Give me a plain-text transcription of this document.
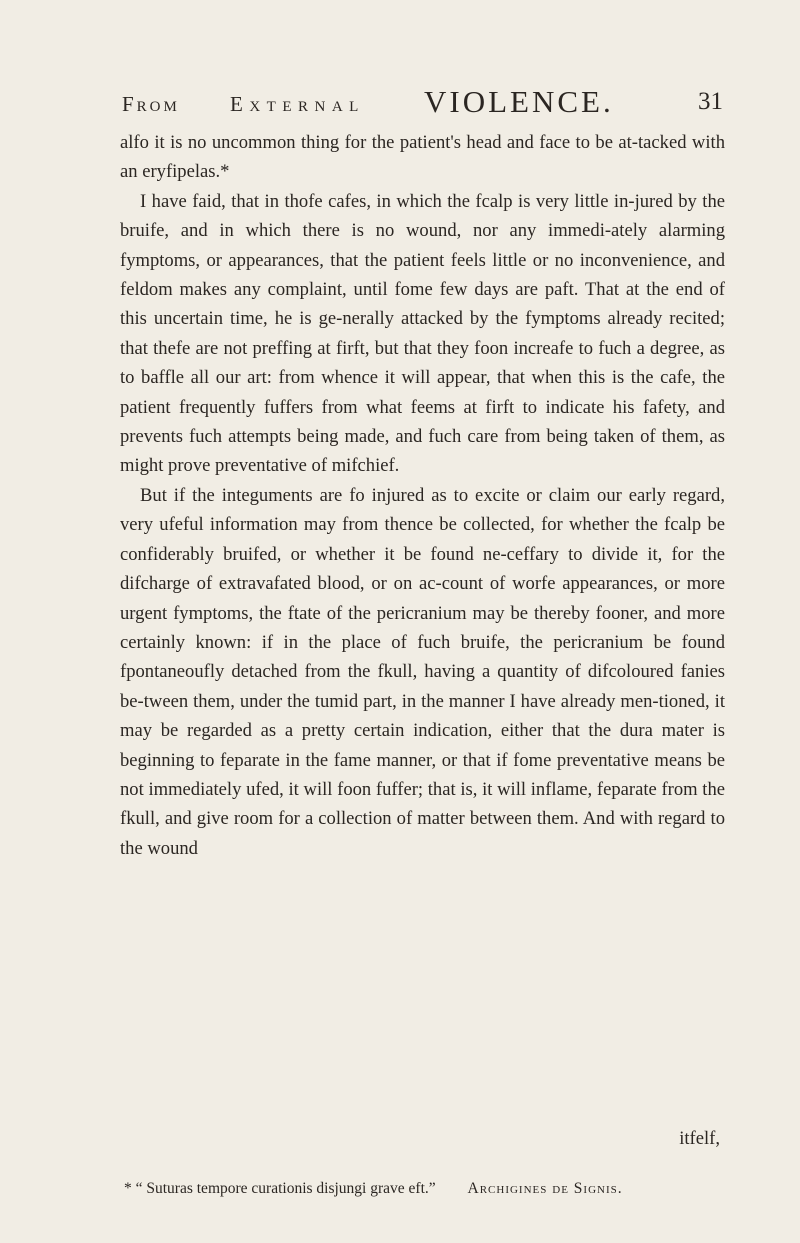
From External VIOLENCE.	31

alfo it is no uncommon thing for the patient's head and face to be at-tacked with an eryfipelas.*

I have faid, that in thofe cafes, in which the fcalp is very little in-jured by the bruife, and in which there is no wound, nor any immedi-ately alarming fymptoms, or appearances, that the patient feels little or no inconvenience, and feldom makes any complaint, until fome few days are paft. That at the end of this uncertain time, he is ge-nerally attacked by the fymptoms already recited; that thefe are not preffing at firft, but that they foon increafe to fuch a degree, as to baffle all our art: from whence it will appear, that when this is the cafe, the patient frequently fuffers from what feems at firft to indicate his fafety, and prevents fuch attempts being made, and fuch care from being taken of them, as might prove preventative of mifchief.

But if the integuments are fo injured as to excite or claim our early regard, very ufeful information may from thence be collected, for whether the fcalp be confiderably bruifed, or whether it be found ne-ceffary to divide it, for the difcharge of extravafated blood, or on ac-count of worfe appearances, or more urgent fymptoms, the ftate of the pericranium may be thereby fooner, and more certainly known: if in the place of fuch bruife, the pericranium be found fpontaneoufly detached from the fkull, having a quantity of difcoloured fanies be-tween them, under the tumid part, in the manner I have already men-tioned, it may be regarded as a pretty certain indication, either that the dura mater is beginning to feparate in the fame manner, or that if fome preventative means be not immediately ufed, it will foon fuffer; that is, it will inflame, feparate from the fkull, and give room for a collection of matter between them. And with regard to the wound

itfelf,
* “ Suturas tempore curationis disjungi grave eft.” Archigines de Signis.
